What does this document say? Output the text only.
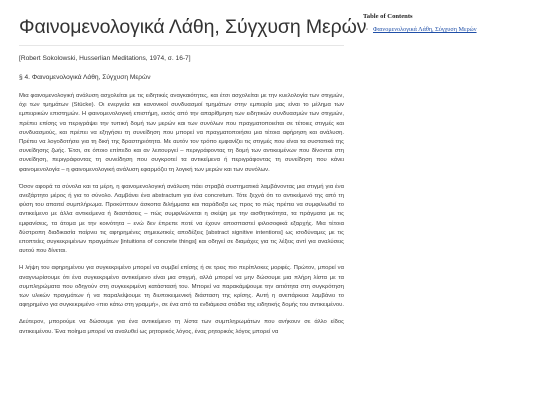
Φαινομενολογικά Λάθη, Σύγχυση Μερών

[Robert Sokolowski, Husserlian Meditations, 1974, σ. 16-7]

§ 4. Φαινομενολογικά Λάθη, Σύγχυση Μερών

Μια φαινομενολογική ανάλυση ασχολείται με τις ειδητικές αναγκαιότητες, και έτσι ασχολείται με την κυελολογία των στιγμών, όχι των τμημάτων (Stücke). Οι ενεργεία και κανονικοί συνδυασμοί τμημάτων στην εμπειρία μας είναι το μέλημα των εμπειρικών επιστημών. Η φαινομενολογική επιστήμη, εκτός από την απαρίθμηση των ειδητικών συνδυασμών των στιγμών, πρέπει επίσης να περιγράψει την τυπική δομή των μερών και των συνόλων που πραγματοποιείται σε τέτοιες στιγμές και συνδυασμούς, και πρέπει να εξηγήσει τη συνείδηση που μπορεί να πραγματοποιήσει μια τέτοια αφήρηση και ανάλυση. Πρέπει να λογοδοτήσει για τη δική της δραστηριότητα. Με αυτόν τον τρόπο εμφανίζει τις στιγμές που είναι τα συστατικά της συνείδησης ζωής. Έτσι, σε όποιο επίπεδο και αν λειτουργεί – περιγράφοντας τη δομή των αντικειμένων που δίνονται στη συνείδηση, περιγράφοντας τη συνείδηση που συγκροτεί τα αντικείμενα ή περιγράφοντας τη συνείδηση που κάνει φαινομενολογία – η φαινομενολογική ανάλυση εφαρμόζει τη λογική των μερών και των συνόλων.

Όσον αφορά τα σύνολα και τα μέρη, η φαινομενολογική ανάλυση πάει στραβά συστηματικά λαμβάνοντας μια στιγμή για ένα ανεξάρτητο μέρος ή για το σύνολο. Λαμβάνει ένα abstractum για ένα concretum. Τότε ξεχνά ότι το αντικείμενό της από τη φύση του απαιτεί συμπλήρωμα. Προκύπτουν άσκοπα διλήμματα και παράδοξα ως προς το πώς πρέπει να συμφιλιωθεί το αντικείμενο με άλλα αντικείμενα ή διαστάσεις – πώς συμφιλιώνεται η σκέψη με την αισθητικότητα, τα πράγματα με τις εμφανίσεις, τα άτομα με την κοινότητα – ενώ δεν έπρεπε ποτέ να έχουν αποσπαστεί φιλοσοφικά εξαρχής. Μια τέτοια δύστροπη διαδικασία παίρνει τις αφηρημένες σημειωτικές αποδέξεις [abstract signitive intentions] ως ισοδύναμες με τις εποπτείες συγκεκριμένων πραγμάτων [intuitions of concrete things] και οδηγεί σε διαμάχες για τις λέξεις αντί για αναλύσεις αυτού που δίνεται.

Η λήψη του αφηρημένου για συγκεκριμένο μπορεί να συμβεί επίσης ή σε τρεις πιο περίπλοκες μορφές. Πρώτον, μπορεί να αναγνωρίσουμε ότι ένα συγκεκριμένο αντικείμενο είναι μια στιγμή, αλλά μπορεί να μην δώσουμε μια πλήρη λίστα με τα συμπληρώματα που οδηγούν στη συγκεκριμένη κατάστασή του. Μπορεί να παρακάμψουμε την αιτιότητα στη συγκρότηση των υλικών πραγμάτων ή να παραλείψουμε τη διυποκειμενική διάσταση της κρίσης. Αυτή η ανεπάρκεια λαμβάνει το αφηρημένο για συγκεκριμένο «πιο κάτω στη γραμμή», σε ένα από τα ενδιάμεσα στάδια της ειδητικής δομής του αντικειμένου.

Δεύτερον, μπορούμε να δώσουμε για ένα αντικείμενο τη λίστα των συμπληρωμάτων που ανήκουν σε άλλο είδος αντικειμένου. Ένα ποίημα μπορεί να αναλυθεί ως ρητορικός λόγος, ένας ρητορικός λόγος μπορεί να

Table of Contents
◦ Φαινομενολογικά Λάθη, Σύγχυση Μερών
